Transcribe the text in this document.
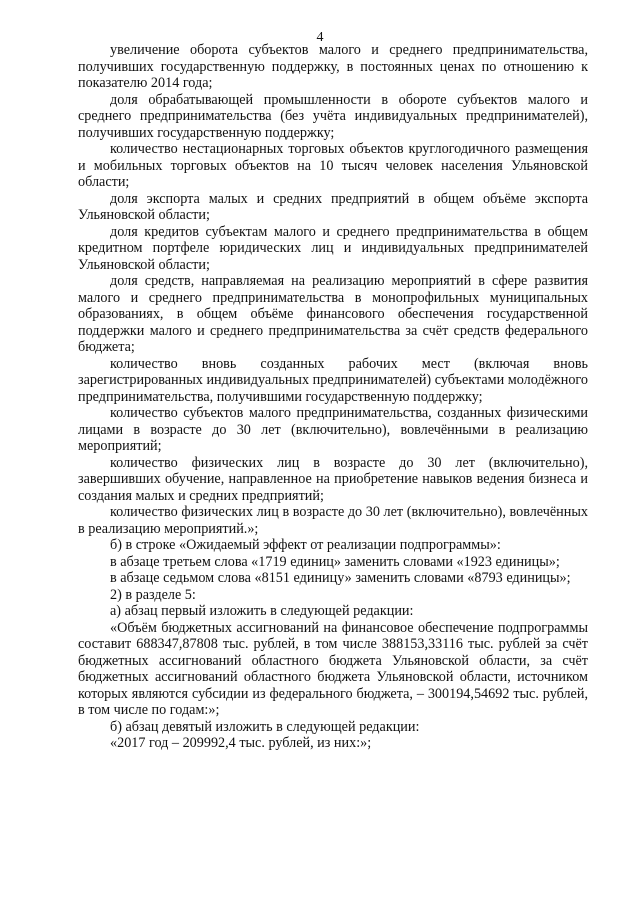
4

увеличение оборота субъектов малого и среднего предпринимательства, получивших государственную поддержку, в постоянных ценах по отношению к показателю 2014 года;

доля обрабатывающей промышленности в обороте субъектов малого и среднего предпринимательства (без учёта индивидуальных предпринимателей), получивших государственную поддержку;

количество нестационарных торговых объектов круглогодичного размещения и мобильных торговых объектов на 10 тысяч человек населения Ульяновской области;

доля экспорта малых и средних предприятий в общем объёме экспорта Ульяновской области;

доля кредитов субъектам малого и среднего предпринимательства в общем кредитном портфеле юридических лиц и индивидуальных предпринимателей Ульяновской области;

доля средств, направляемая на реализацию мероприятий в сфере развития малого и среднего предпринимательства в монопрофильных муниципальных образованиях, в общем объёме финансового обеспечения государственной поддержки малого и среднего предпринимательства за счёт средств федерального бюджета;

количество вновь созданных рабочих мест (включая вновь зарегистрированных индивидуальных предпринимателей) субъектами молодёжного предпринимательства, получившими государственную поддержку;

количество субъектов малого предпринимательства, созданных физическими лицами в возрасте до 30 лет (включительно), вовлечёнными в реализацию мероприятий;

количество физических лиц в возрасте до 30 лет (включительно), завершивших обучение, направленное на приобретение навыков ведения бизнеса и создания малых и средних предприятий;

количество физических лиц в возрасте до 30 лет (включительно), вовлечённых в реализацию мероприятий.»;

б) в строке «Ожидаемый эффект от реализации подпрограммы»:

в абзаце третьем слова «1719 единиц» заменить словами «1923 единицы»;

в абзаце седьмом слова «8151 единицу» заменить словами «8793 единицы»;

2) в разделе 5:

а) абзац первый изложить в следующей редакции:

«Объём бюджетных ассигнований на финансовое обеспечение подпрограммы составит 688347,87808 тыс. рублей, в том числе 388153,33116 тыс. рублей за счёт бюджетных ассигнований областного бюджета Ульяновской области, за счёт бюджетных ассигнований областного бюджета Ульяновской области, источником которых являются субсидии из федерального бюджета, – 300194,54692 тыс. рублей, в том числе по годам:»;

б) абзац девятый изложить в следующей редакции:

«2017 год – 209992,4 тыс. рублей, из них:»;
